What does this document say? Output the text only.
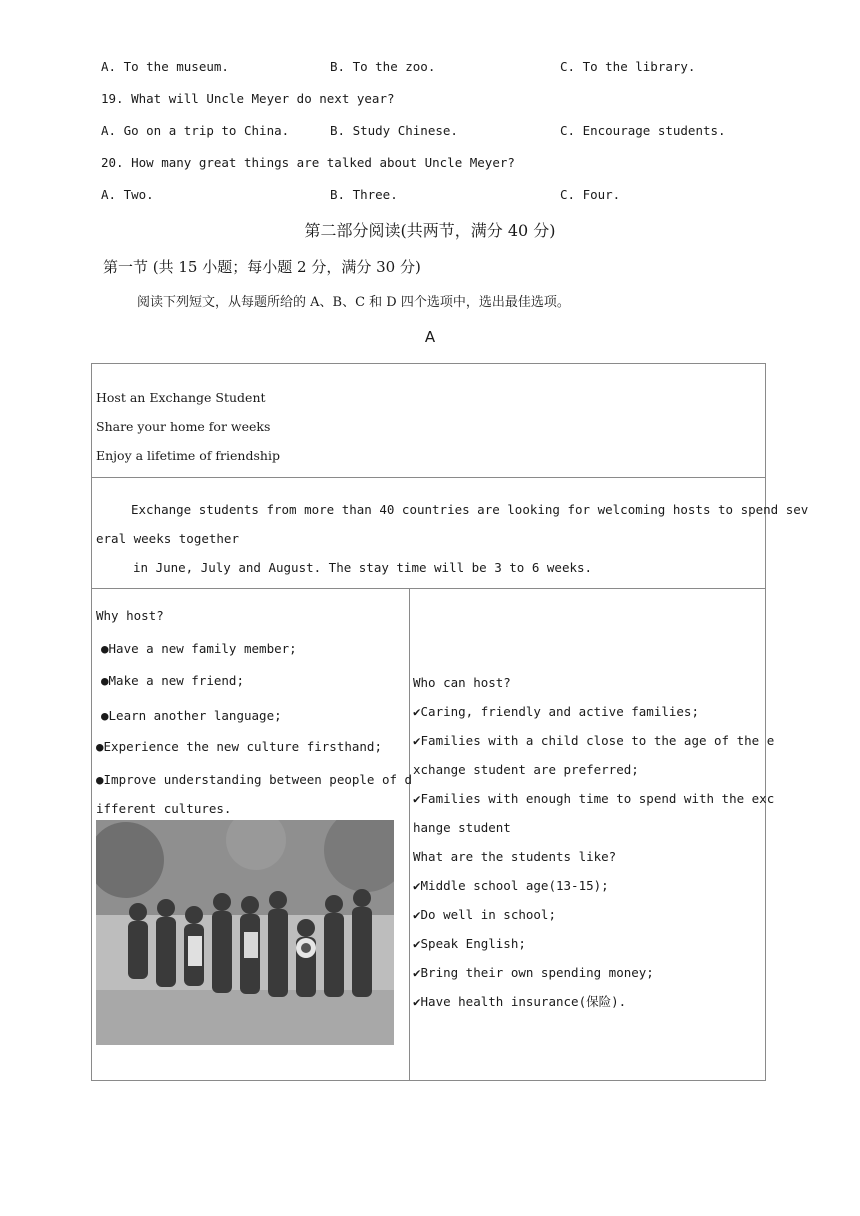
A. To the museum.	B. To the zoo.	C. To the library.
19. What will Uncle Meyer do next year?
A. Go on a trip to China.	B. Study Chinese.	C. Encourage students.
20. How many great things are talked about Uncle Meyer?
A. Two.	B. Three.	C. Four.
第二部分阅读(共两节，满分 40 分)
第一节 (共 15 小题；每小题 2 分，满分 30 分)
阅读下列短文，从每题所给的 A、B、C 和 D 四个选项中，选出最佳选项。
A
Host an Exchange Student
Share your home for weeks
Enjoy a lifetime of friendship
Exchange students from more than 40 countries are looking for welcoming hosts to spend sev
eral weeks together
in June, July and August. The stay time will be 3 to 6 weeks.
Why host?
●Have a new family member;
●Make a new friend;
●Learn another language;
●Experience the new culture firsthand;
●Improve understanding between people of d
ifferent cultures.
Who can host?
✔Caring, friendly and active families;
✔Families with a child close to the age of the e
xchange student are preferred;
✔Families with enough time to spend with the exc
hange student
What are the students like?
✔Middle school age(13-15);
✔Do well in school;
✔Speak English;
✔Bring their own spending money;
✔Have health insurance(保险).
